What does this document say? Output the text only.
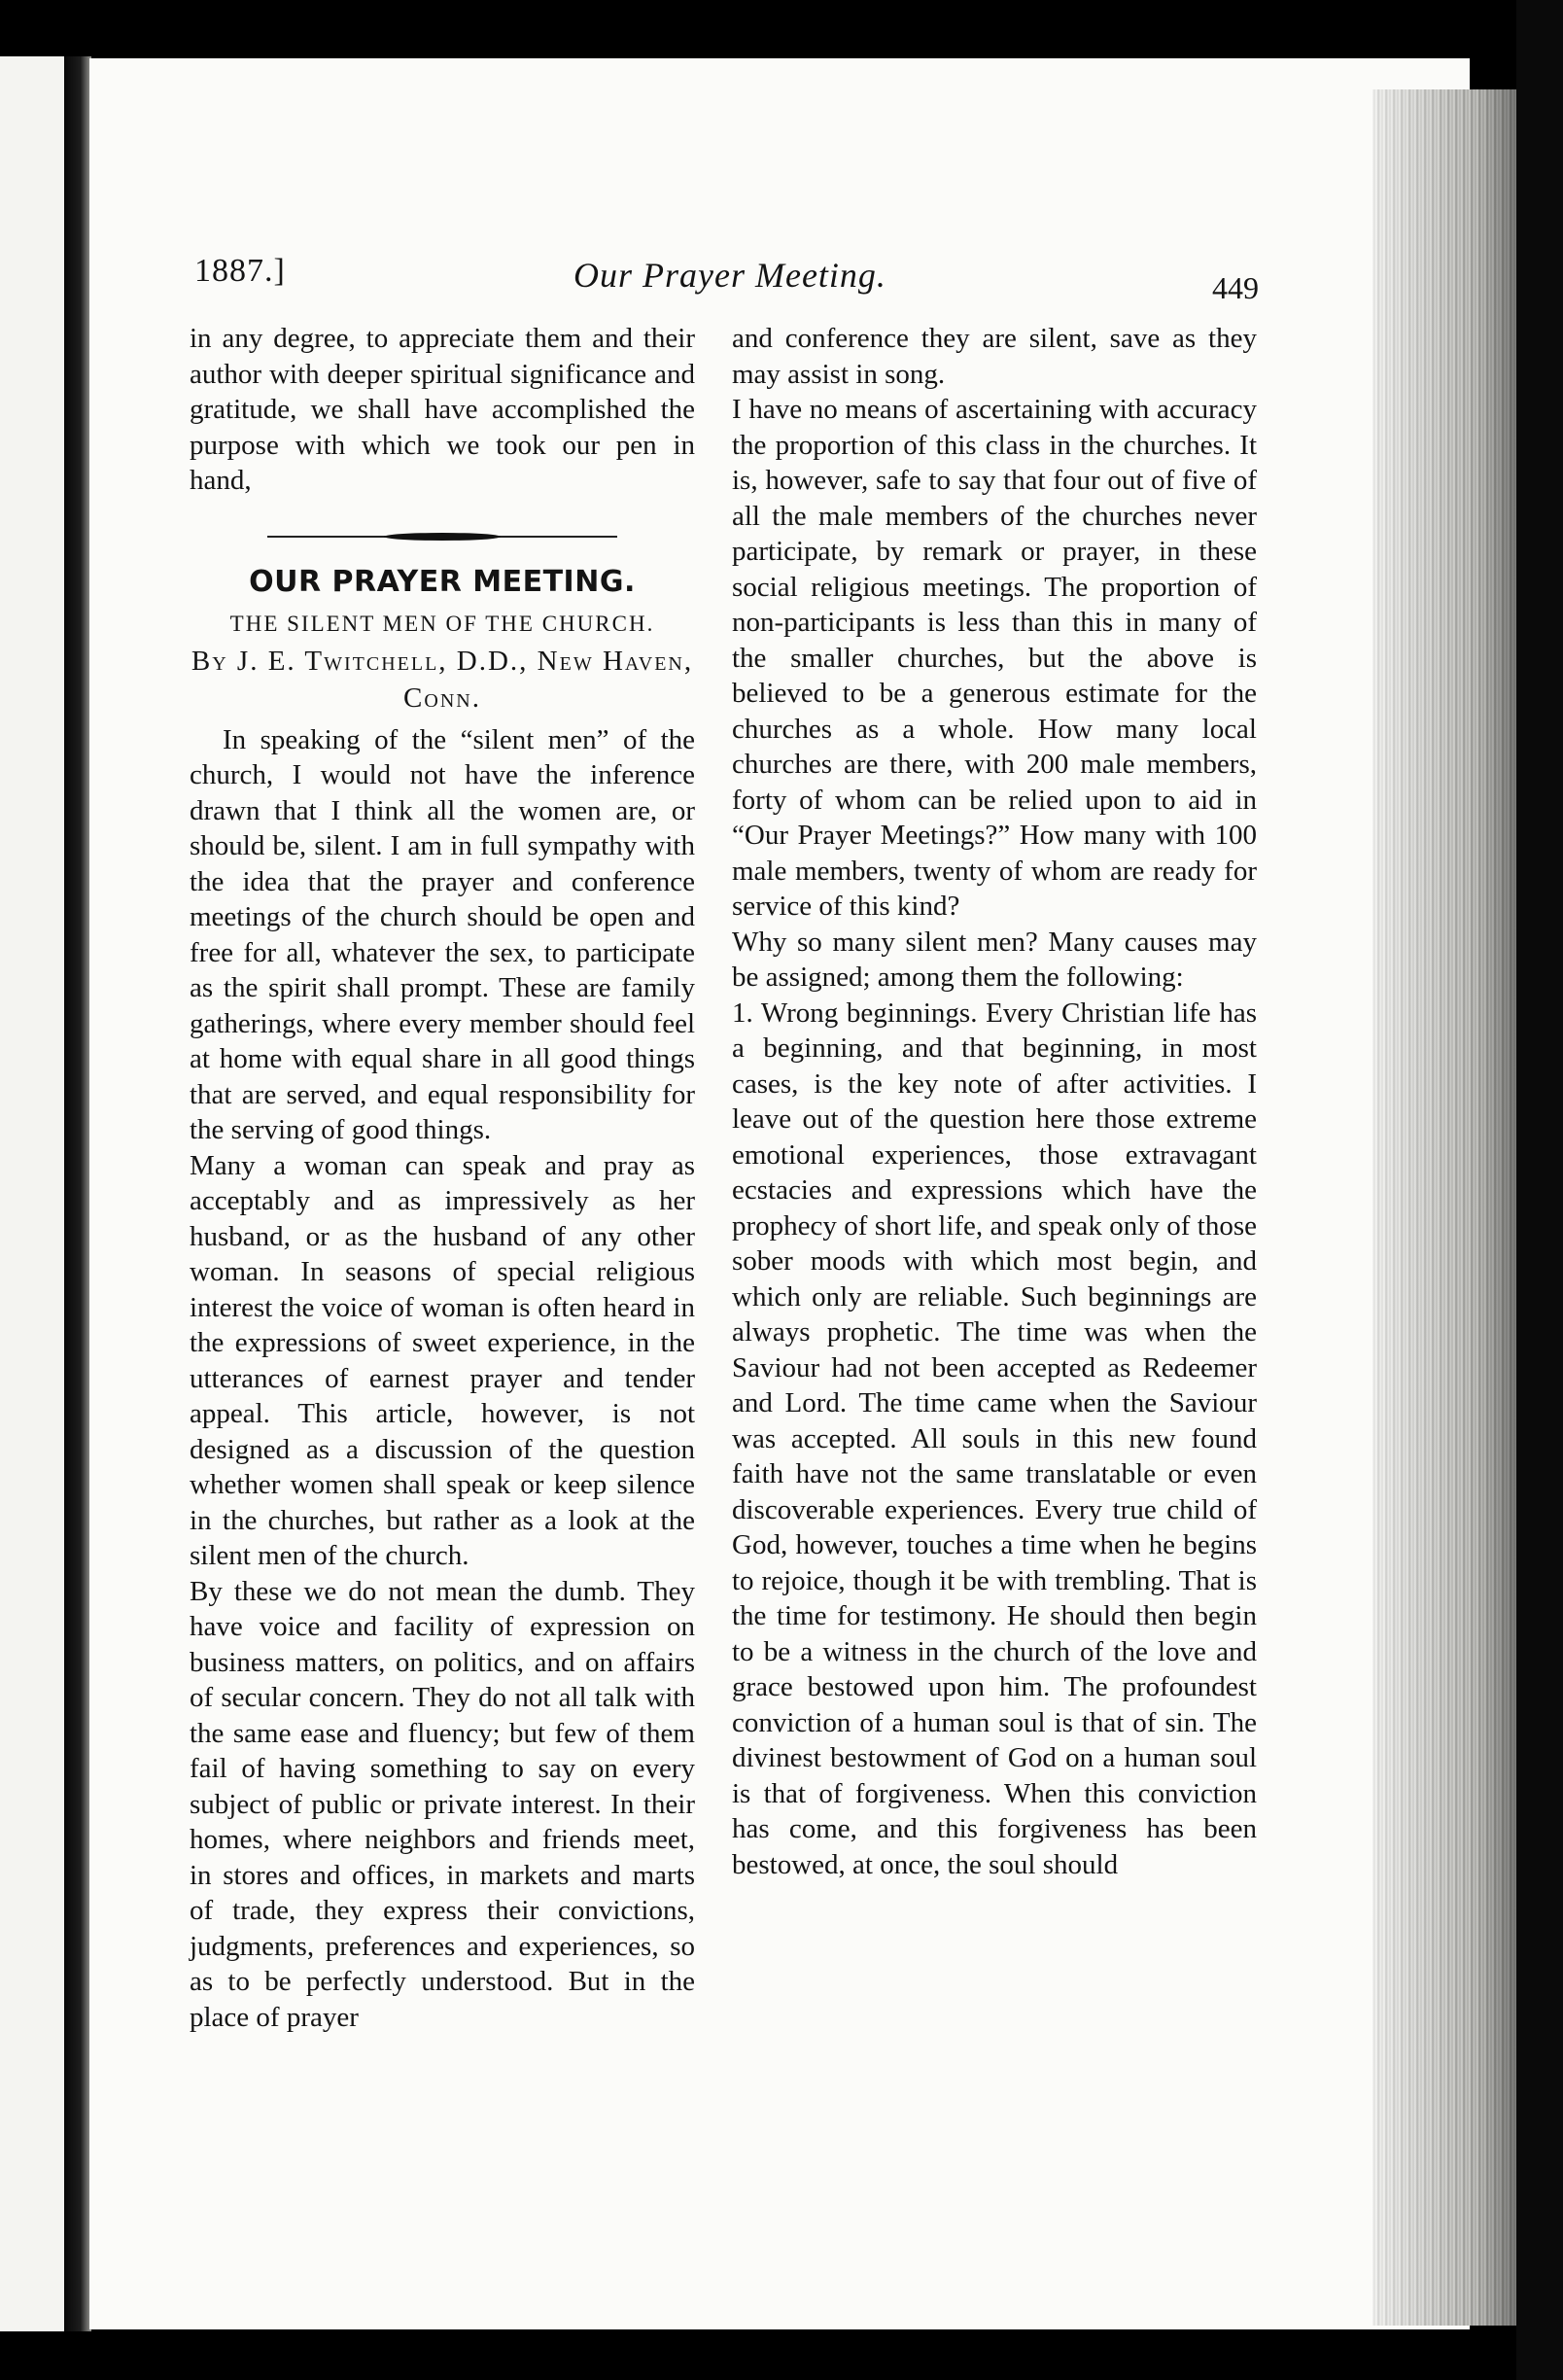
1887.]	Our Prayer Meeting.	449

in any degree, to appreciate them and their author with deeper spiritual significance and gratitude, we shall have accomplished the purpose with which we took our pen in hand,

OUR PRAYER MEETING.
THE SILENT MEN OF THE CHURCH.
By J. E. Twitchell, D.D., New Haven, Conn.

In speaking of the “silent men” of the church, I would not have the inference drawn that I think all the women are, or should be, silent. I am in full sympathy with the idea that the prayer and conference meetings of the church should be open and free for all, whatever the sex, to participate as the spirit shall prompt. These are family gatherings, where every member should feel at home with equal share in all good things that are served, and equal responsibility for the serving of good things.

Many a woman can speak and pray as acceptably and as impressively as her husband, or as the husband of any other woman. In seasons of special religious interest the voice of woman is often heard in the expressions of sweet experience, in the utterances of earnest prayer and tender appeal. This article, however, is not designed as a discussion of the question whether women shall speak or keep silence in the churches, but rather as a look at the silent men of the church.

By these we do not mean the dumb. They have voice and facility of expression on business matters, on politics, and on affairs of secular concern. They do not all talk with the same ease and fluency; but few of them fail of having something to say on every subject of public or private interest. In their homes, where neighbors and friends meet, in stores and offices, in markets and marts of trade, they express their convictions, judgments, preferences and experiences, so as to be perfectly understood. But in the place of prayer

and conference they are silent, save as they may assist in song.

I have no means of ascertaining with accuracy the proportion of this class in the churches. It is, however, safe to say that four out of five of all the male members of the churches never participate, by remark or prayer, in these social religious meetings. The proportion of non-participants is less than this in many of the smaller churches, but the above is believed to be a generous estimate for the churches as a whole. How many local churches are there, with 200 male members, forty of whom can be relied upon to aid in “Our Prayer Meetings?” How many with 100 male members, twenty of whom are ready for service of this kind?

Why so many silent men? Many causes may be assigned; among them the following:

1. Wrong beginnings. Every Christian life has a beginning, and that beginning, in most cases, is the key note of after activities. I leave out of the question here those extreme emotional experiences, those extravagant ecstacies and expressions which have the prophecy of short life, and speak only of those sober moods with which most begin, and which only are reliable. Such beginnings are always prophetic. The time was when the Saviour had not been accepted as Redeemer and Lord. The time came when the Saviour was accepted. All souls in this new found faith have not the same translatable or even discoverable experiences. Every true child of God, however, touches a time when he begins to rejoice, though it be with trembling. That is the time for testimony. He should then begin to be a witness in the church of the love and grace bestowed upon him. The profoundest conviction of a human soul is that of sin. The divinest bestowment of God on a human soul is that of forgiveness. When this conviction has come, and this forgiveness has been bestowed, at once, the soul should
